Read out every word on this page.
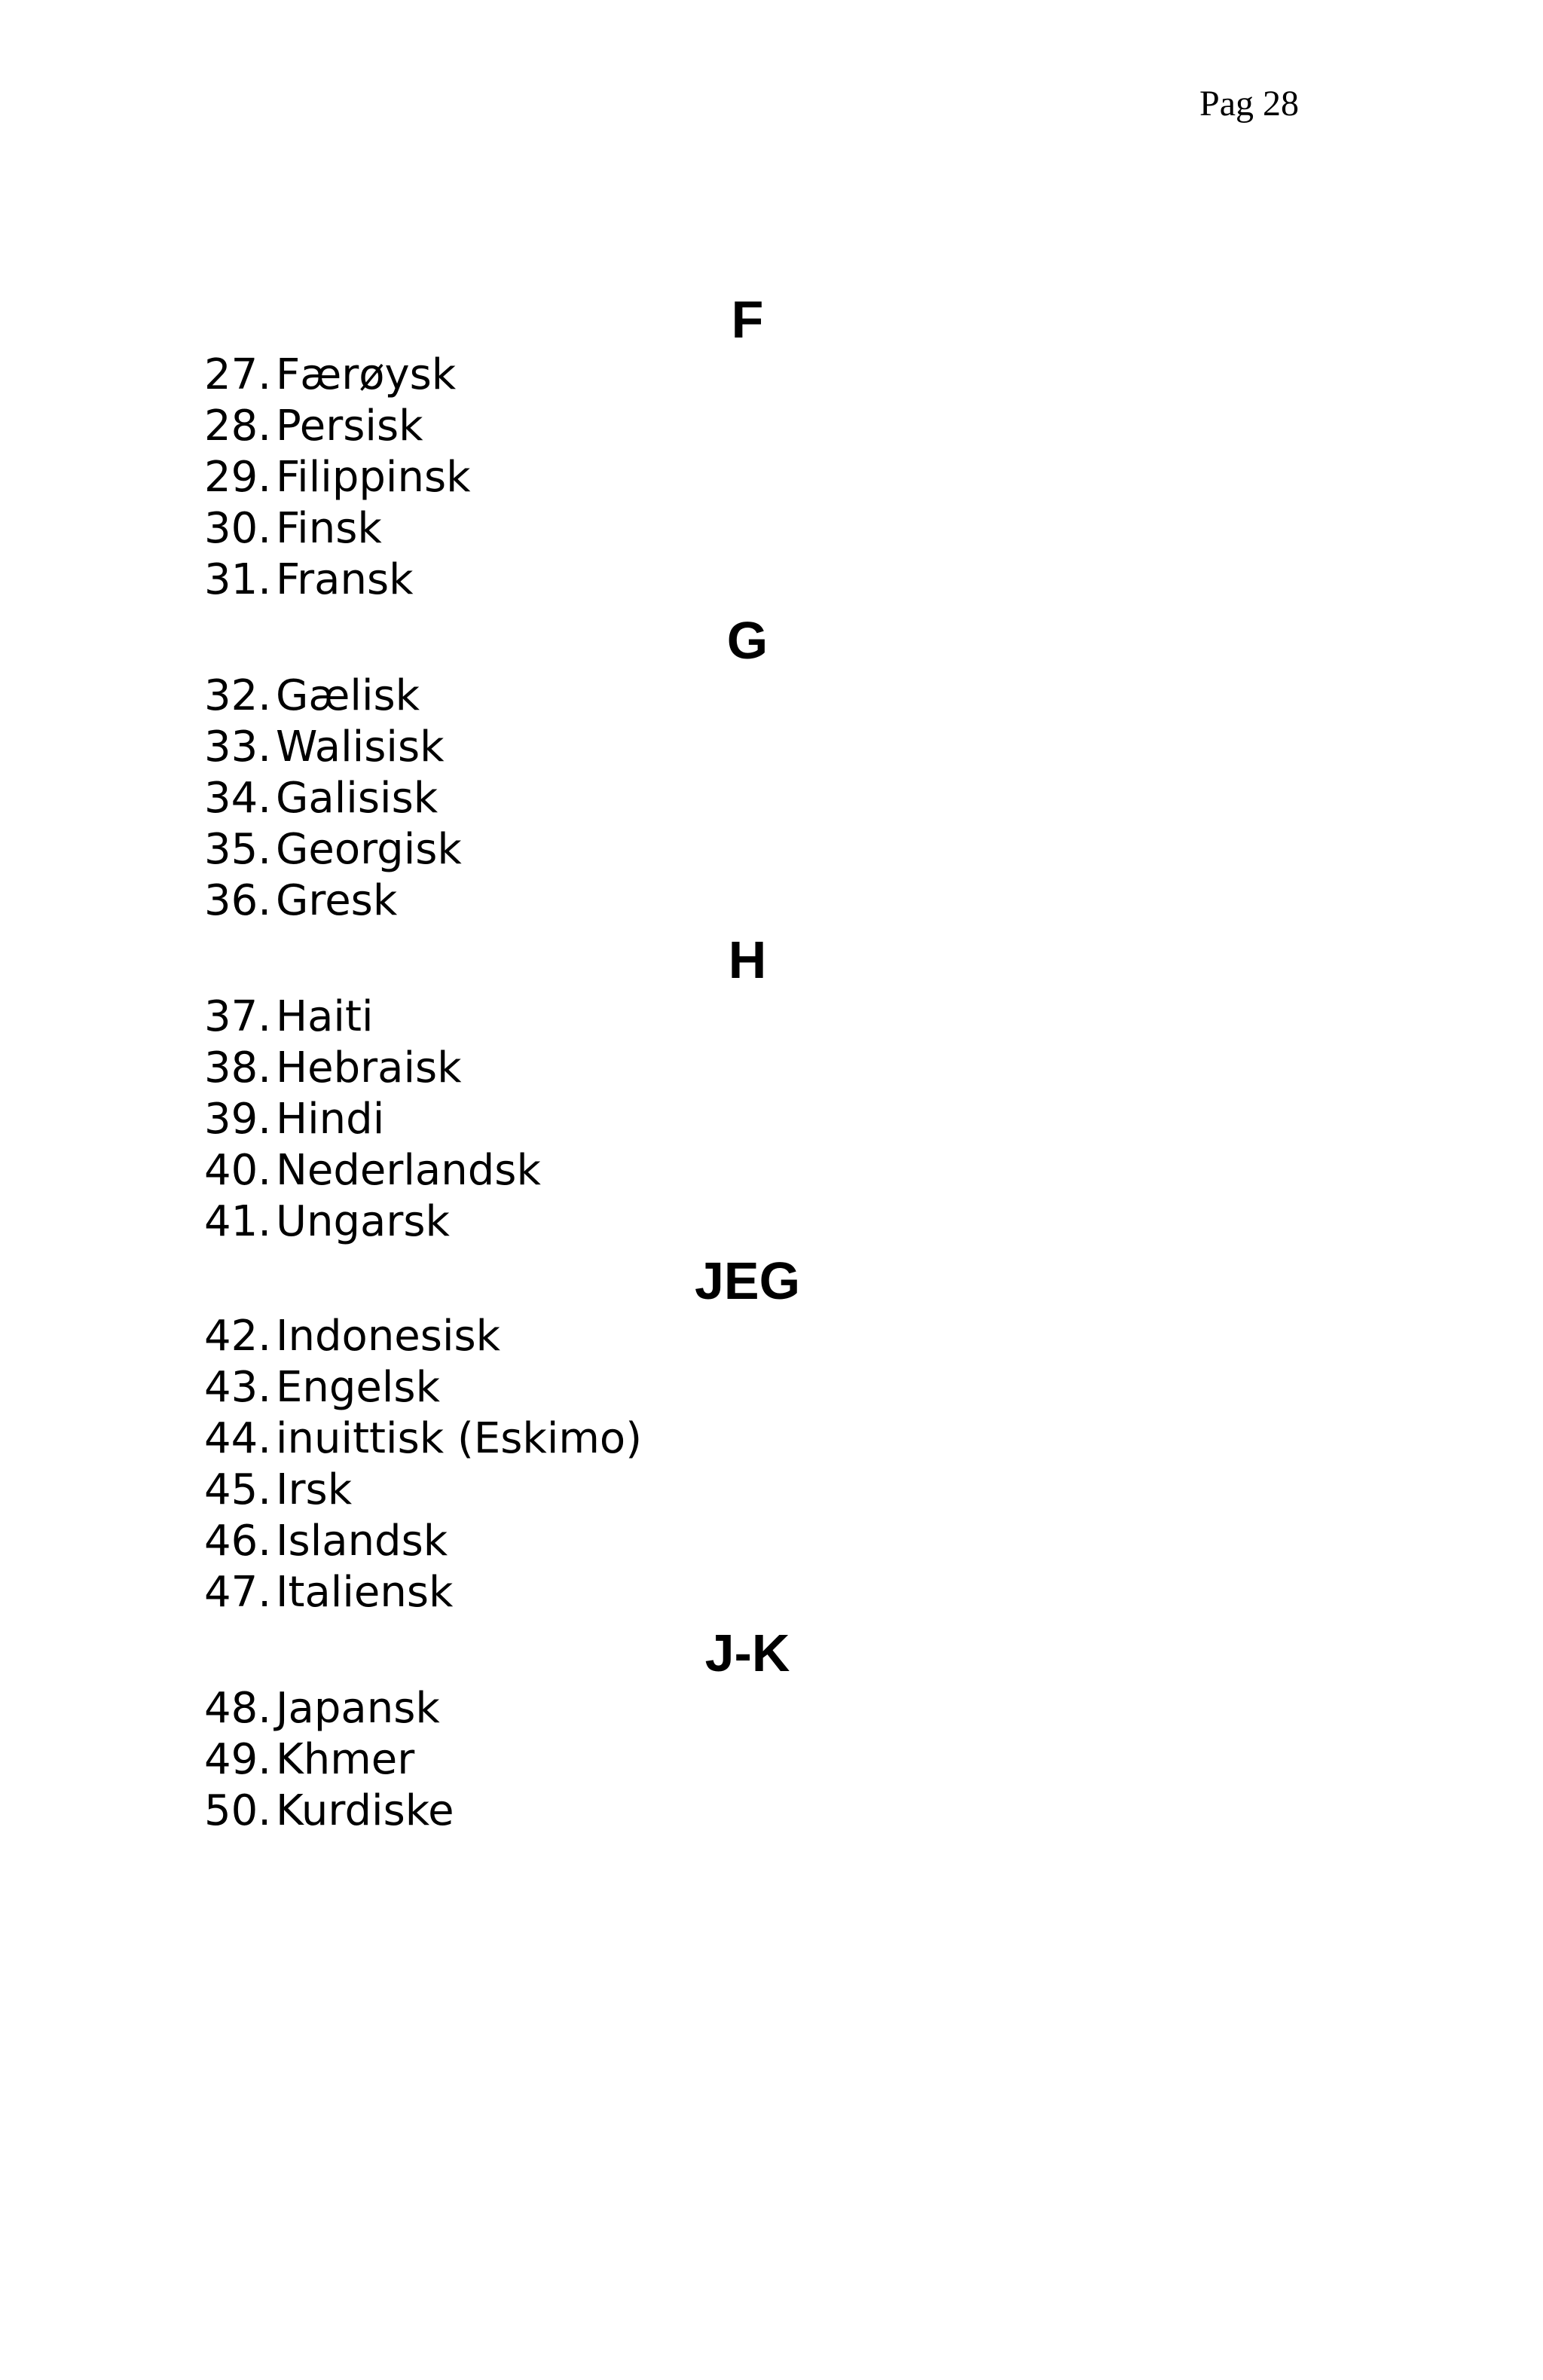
Pag 28
F
27. Færøysk
28. Persisk
29. Filippinsk
30. Finsk
31. Fransk
G
32. Gælisk
33. Walisisk
34. Galisisk
35. Georgisk
36. Gresk
H
37. Haiti
38. Hebraisk
39. Hindi
40. Nederlandsk
41. Ungarsk
JEG
42. Indonesisk
43. Engelsk
44. inuittisk (Eskimo)
45. Irsk
46. Islandsk
47. Italiensk
J-K
48. Japansk
49. Khmer
50. Kurdiske
